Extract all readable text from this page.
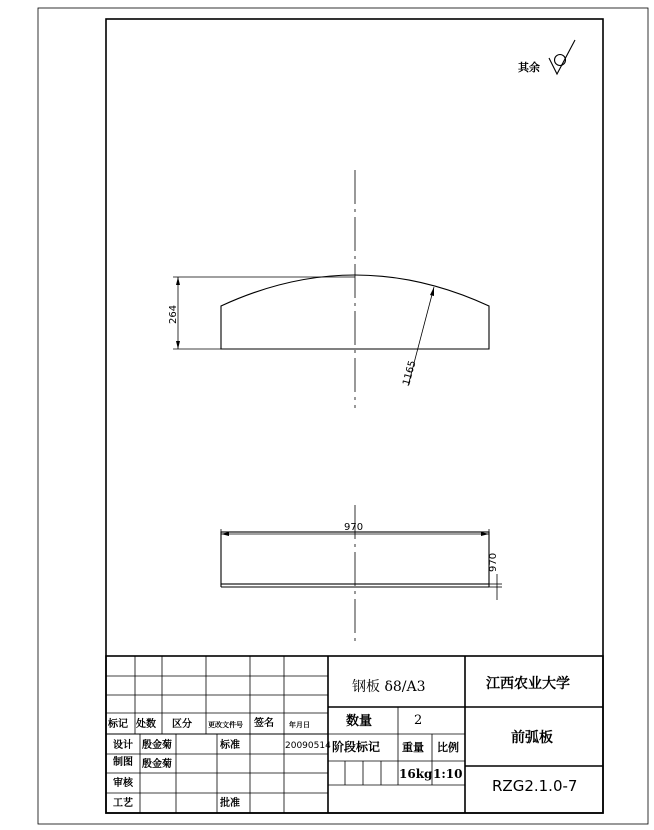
其余
264
1165
970
970
钢板 δ8/A3	江西农业大学
前弧板
RZG2.1.0-7
数量	2
阶段标记 重量 比例
16kg 1:10
标记 处数 区分 更改文件号 签名 年月日
设计 殷金菊	标准	20090514
制图 殷金菊
审核
工艺	批准
